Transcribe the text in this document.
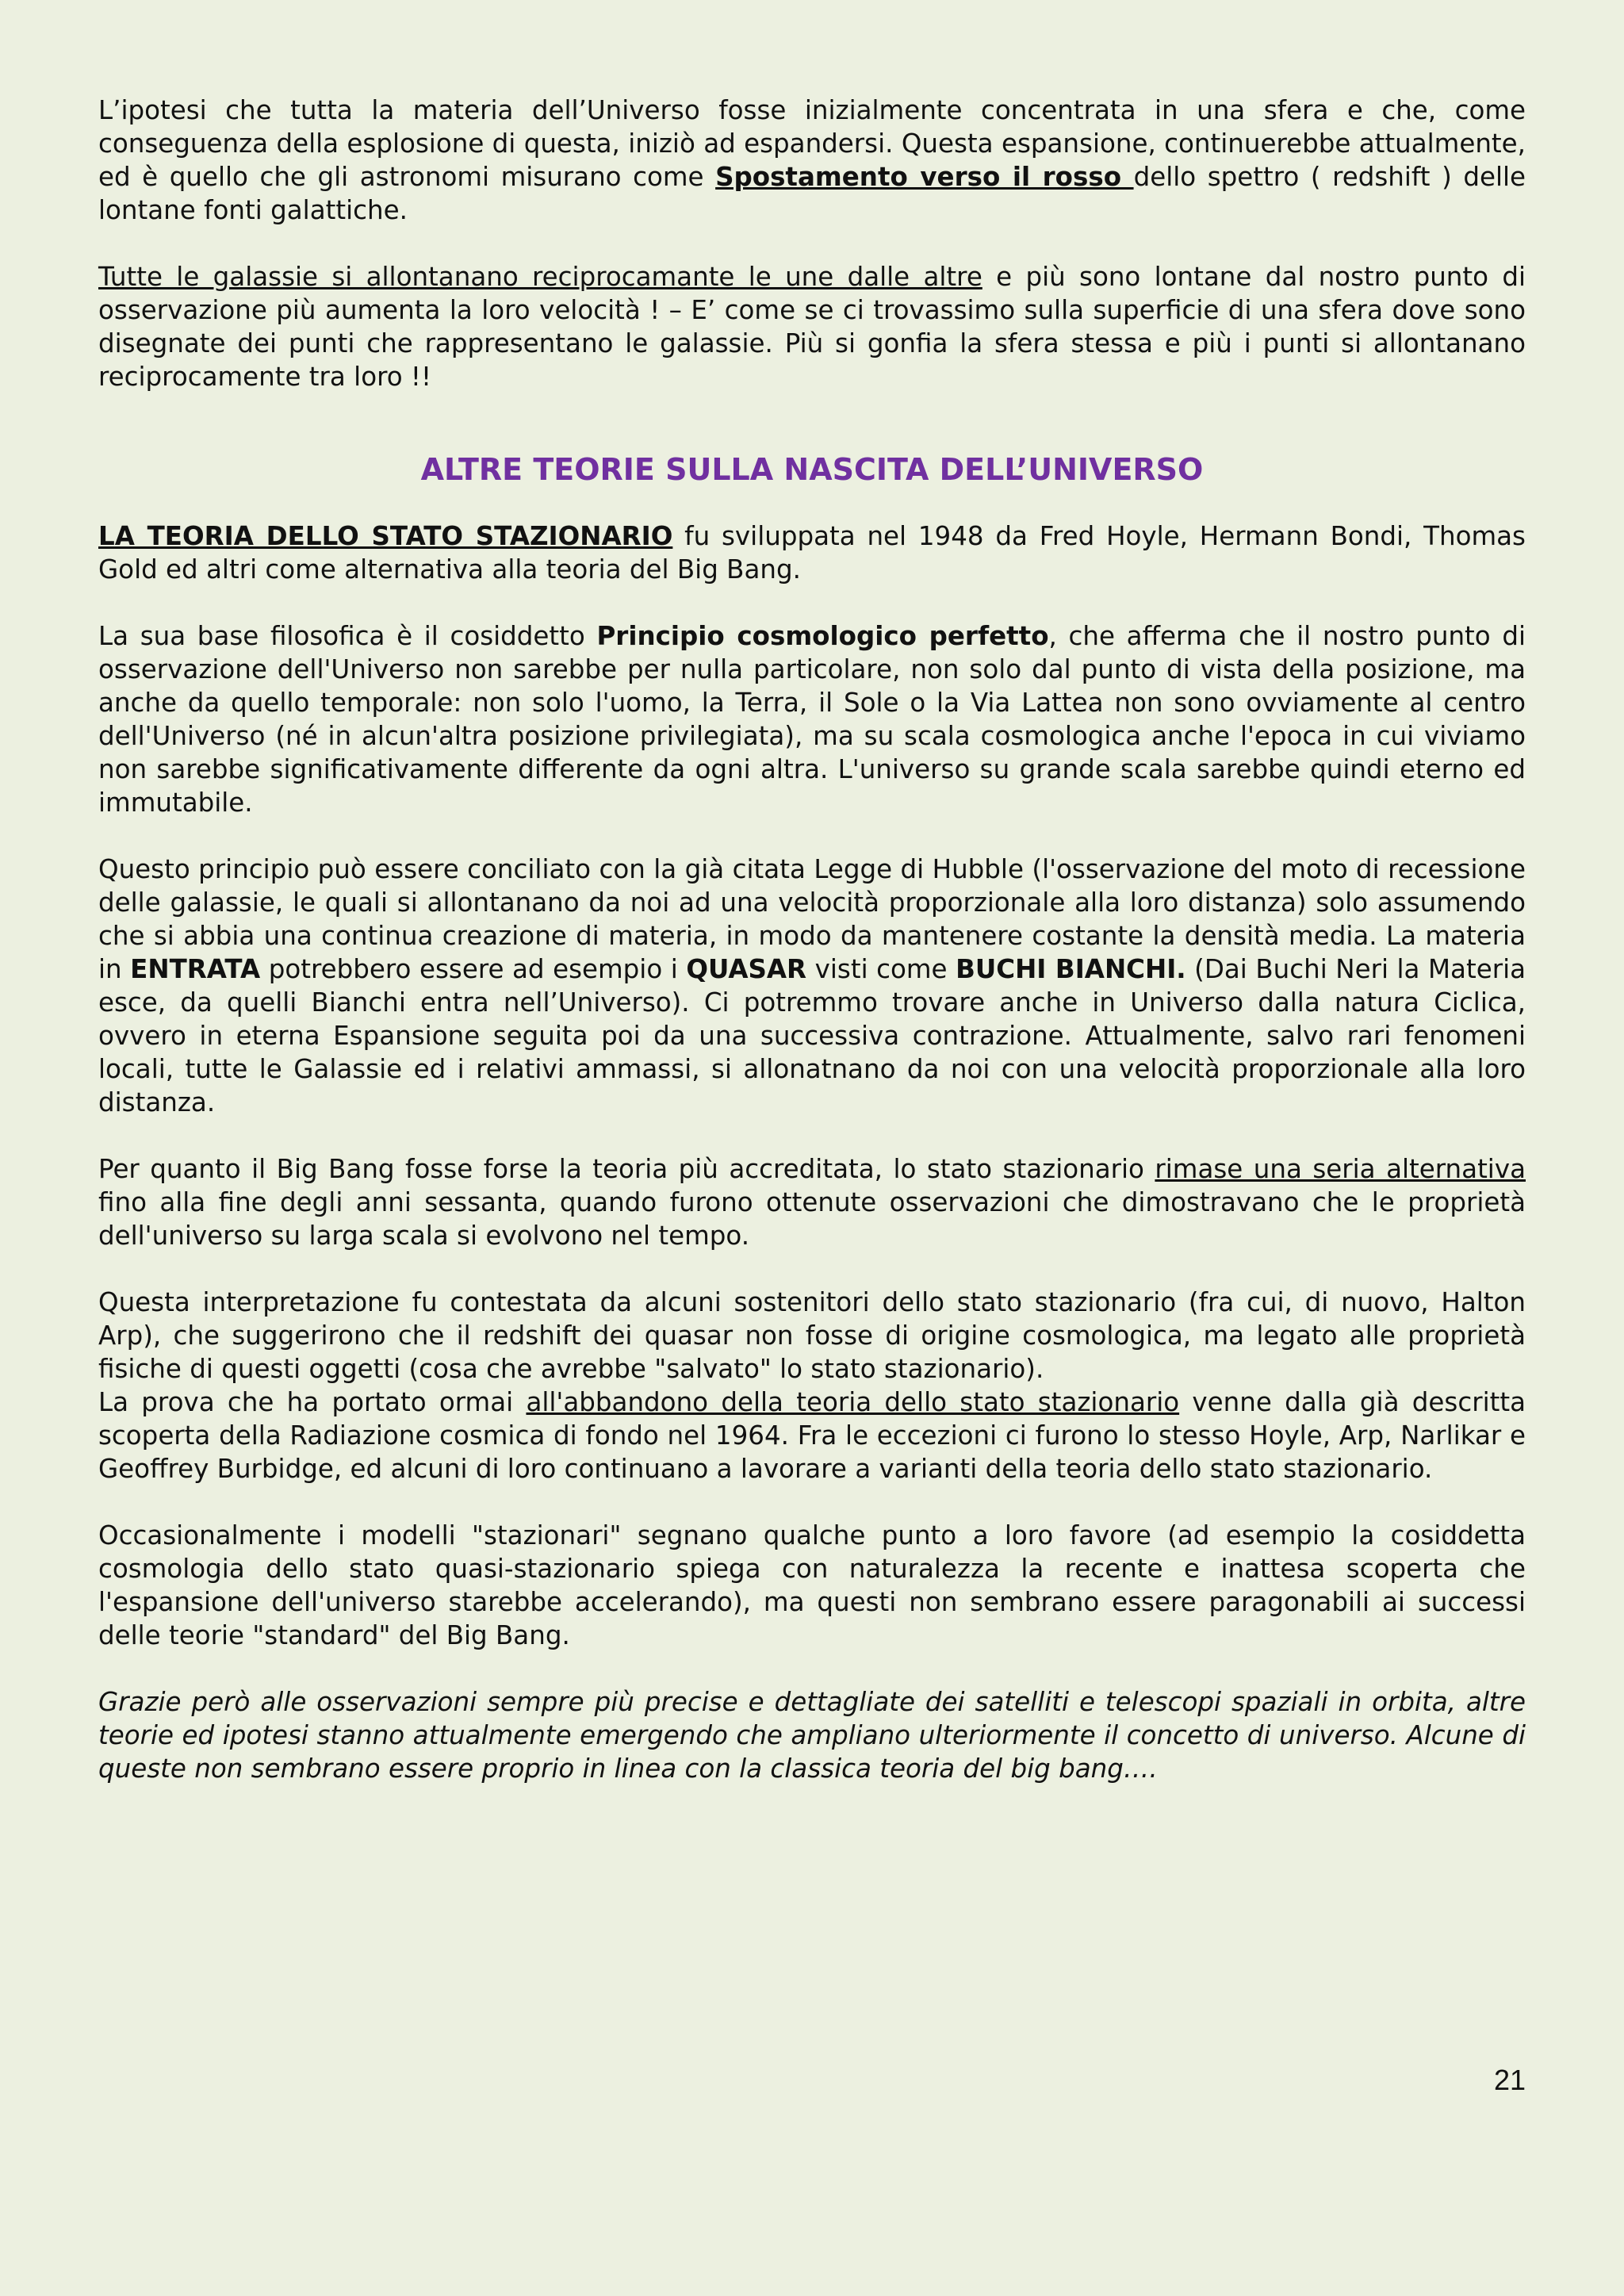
L’ipotesi che tutta la materia dell’Universo fosse inizialmente concentrata in una sfera e che, come conseguenza della esplosione di questa, iniziò ad espandersi. Questa espansione, continuerebbe attualmente, ed è quello che gli astronomi misurano come Spostamento verso il rosso dello spettro ( redshift ) delle lontane fonti galattiche.

Tutte le galassie si allontanano reciprocamante le une dalle altre e più sono lontane dal nostro punto di osservazione più aumenta la loro velocità ! – E’ come se ci trovassimo sulla superficie di una sfera dove sono disegnate dei punti che rappresentano le galassie. Più si gonfia la sfera stessa e più i punti si allontanano reciprocamente tra loro !!

ALTRE TEORIE SULLA NASCITA DELL’UNIVERSO

LA TEORIA DELLO STATO STAZIONARIO fu sviluppata nel 1948 da Fred Hoyle, Hermann Bondi, Thomas Gold ed altri come alternativa alla teoria del Big Bang.

La sua base filosofica è il cosiddetto Principio cosmologico perfetto, che afferma che il nostro punto di osservazione dell'Universo non sarebbe per nulla particolare, non solo dal punto di vista della posizione, ma anche da quello temporale: non solo l'uomo, la Terra, il Sole o la Via Lattea non sono ovviamente al centro dell'Universo (né in alcun'altra posizione privilegiata), ma su scala cosmologica anche l'epoca in cui viviamo non sarebbe significativamente differente da ogni altra. L'universo su grande scala sarebbe quindi eterno ed immutabile.

Questo principio può essere conciliato con la già citata Legge di Hubble (l'osservazione del moto di recessione delle galassie, le quali si allontanano da noi ad una velocità proporzionale alla loro distanza) solo assumendo che si abbia una continua creazione di materia, in modo da mantenere costante la densità media. La materia in ENTRATA potrebbero essere ad esempio i QUASAR visti come BUCHI BIANCHI. (Dai Buchi Neri la Materia esce, da quelli Bianchi entra nell’Universo). Ci potremmo trovare anche in Universo dalla natura Ciclica, ovvero in eterna Espansione seguita poi da una successiva contrazione. Attualmente, salvo rari fenomeni locali, tutte le Galassie ed i relativi ammassi, si allonatnano da noi con una velocità proporzionale alla loro distanza.

Per quanto il Big Bang fosse forse la teoria più accreditata, lo stato stazionario rimase una seria alternativa fino alla fine degli anni sessanta, quando furono ottenute osservazioni che dimostravano che le proprietà dell'universo su larga scala si evolvono nel tempo.

Questa interpretazione fu contestata da alcuni sostenitori dello stato stazionario (fra cui, di nuovo, Halton Arp), che suggerirono che il redshift dei quasar non fosse di origine cosmologica, ma legato alle proprietà fisiche di questi oggetti (cosa che avrebbe "salvato" lo stato stazionario).

La prova che ha portato ormai all'abbandono della teoria dello stato stazionario venne dalla già descritta scoperta della Radiazione cosmica di fondo nel 1964. Fra le eccezioni ci furono lo stesso Hoyle, Arp, Narlikar e Geoffrey Burbidge, ed alcuni di loro continuano a lavorare a varianti della teoria dello stato stazionario.

Occasionalmente i modelli "stazionari" segnano qualche punto a loro favore (ad esempio la cosiddetta cosmologia dello stato quasi-stazionario spiega con naturalezza la recente e inattesa scoperta che l'espansione dell'universo starebbe accelerando), ma questi non sembrano essere paragonabili ai successi delle teorie "standard" del Big Bang.

Grazie però alle osservazioni sempre più precise e dettagliate dei satelliti e telescopi spaziali in orbita, altre teorie ed ipotesi stanno attualmente emergendo che ampliano ulteriormente il concetto di universo. Alcune di queste non sembrano essere proprio in linea con la classica teoria del big bang….

21
